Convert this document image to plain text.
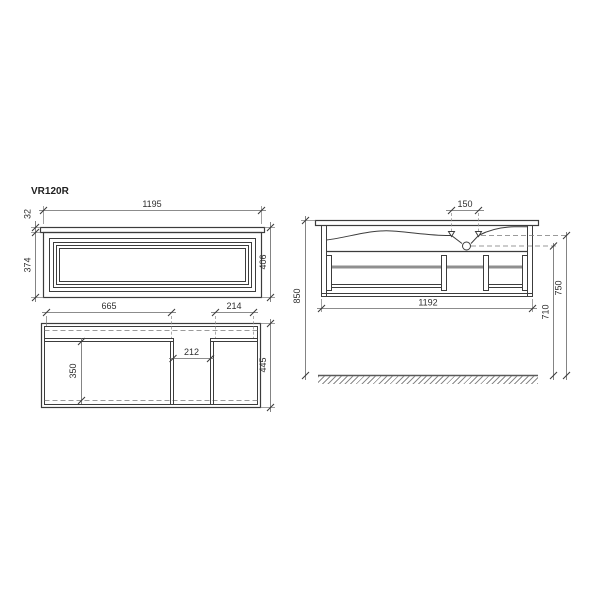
VR120R
1195
32
374	406
665	214
212
350	445
150
1192
850
710
750
